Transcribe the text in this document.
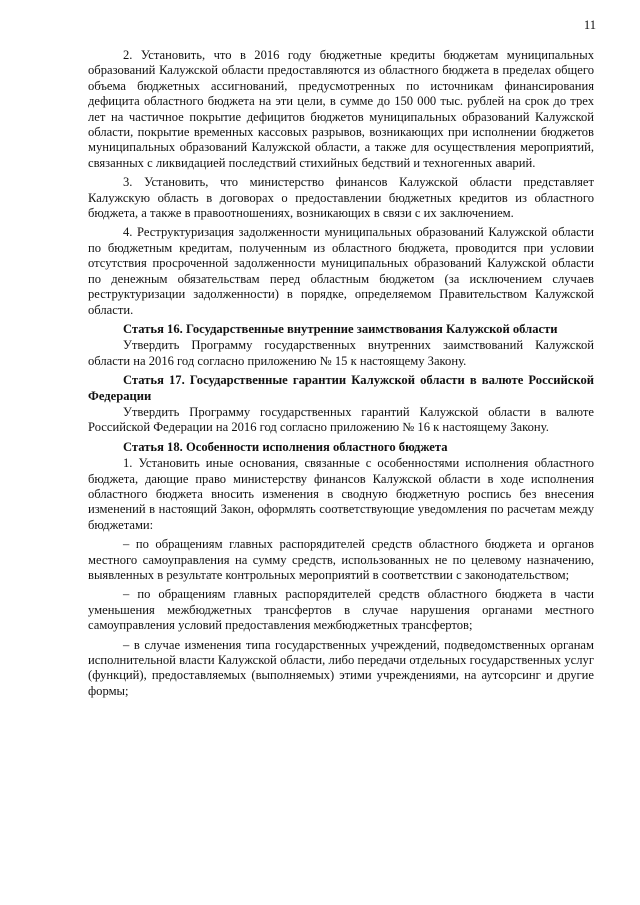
11

2. Установить, что в 2016 году бюджетные кредиты бюджетам муниципальных образований Калужской области предоставляются из областного бюджета в пределах общего объема бюджетных ассигнований, предусмотренных по источникам финансирования дефицита областного бюджета на эти цели, в сумме до 150 000 тыс. рублей на срок до трех лет на частичное покрытие дефицитов бюджетов муниципальных образований Калужской области, покрытие временных кассовых разрывов, возникающих при исполнении бюджетов муниципальных образований Калужской области, а также для осуществления мероприятий, связанных с ликвидацией последствий стихийных бедствий и техногенных аварий.

3. Установить, что министерство финансов Калужской области представляет Калужскую область в договорах о предоставлении бюджетных кредитов из областного бюджета, а также в правоотношениях, возникающих в связи с их заключением.

4. Реструктуризация задолженности муниципальных образований Калужской области по бюджетным кредитам, полученным из областного бюджета, проводится при условии отсутствия просроченной задолженности муниципальных образований Калужской области по денежным обязательствам перед областным бюджетом (за исключением случаев реструктуризации задолженности) в порядке, определяемом Правительством Калужской области.

Статья 16. Государственные внутренние заимствования Калужской области

Утвердить Программу государственных внутренних заимствований Калужской области на 2016 год согласно приложению № 15 к настоящему Закону.

Статья 17. Государственные гарантии Калужской области в валюте Российской Федерации

Утвердить Программу государственных гарантий Калужской области в валюте Российской Федерации на 2016 год согласно приложению № 16 к настоящему Закону.

Статья 18. Особенности исполнения областного бюджета

1. Установить иные основания, связанные с особенностями исполнения областного бюджета, дающие право министерству финансов Калужской области в ходе исполнения областного бюджета вносить изменения в сводную бюджетную роспись без внесения изменений в настоящий Закон, оформлять соответствующие уведомления по расчетам между бюджетами:

– по обращениям главных распорядителей средств областного бюджета и органов местного самоуправления на сумму средств, использованных не по целевому назначению, выявленных в результате контрольных мероприятий в соответствии с законодательством;

– по обращениям главных распорядителей средств областного бюджета в части уменьшения межбюджетных трансфертов в случае нарушения органами местного самоуправления условий предоставления межбюджетных трансфертов;

– в случае изменения типа государственных учреждений, подведомственных органам исполнительной власти Калужской области, либо передачи отдельных государственных услуг (функций), предоставляемых (выполняемых) этими учреждениями, на аутсорсинг и другие формы;
